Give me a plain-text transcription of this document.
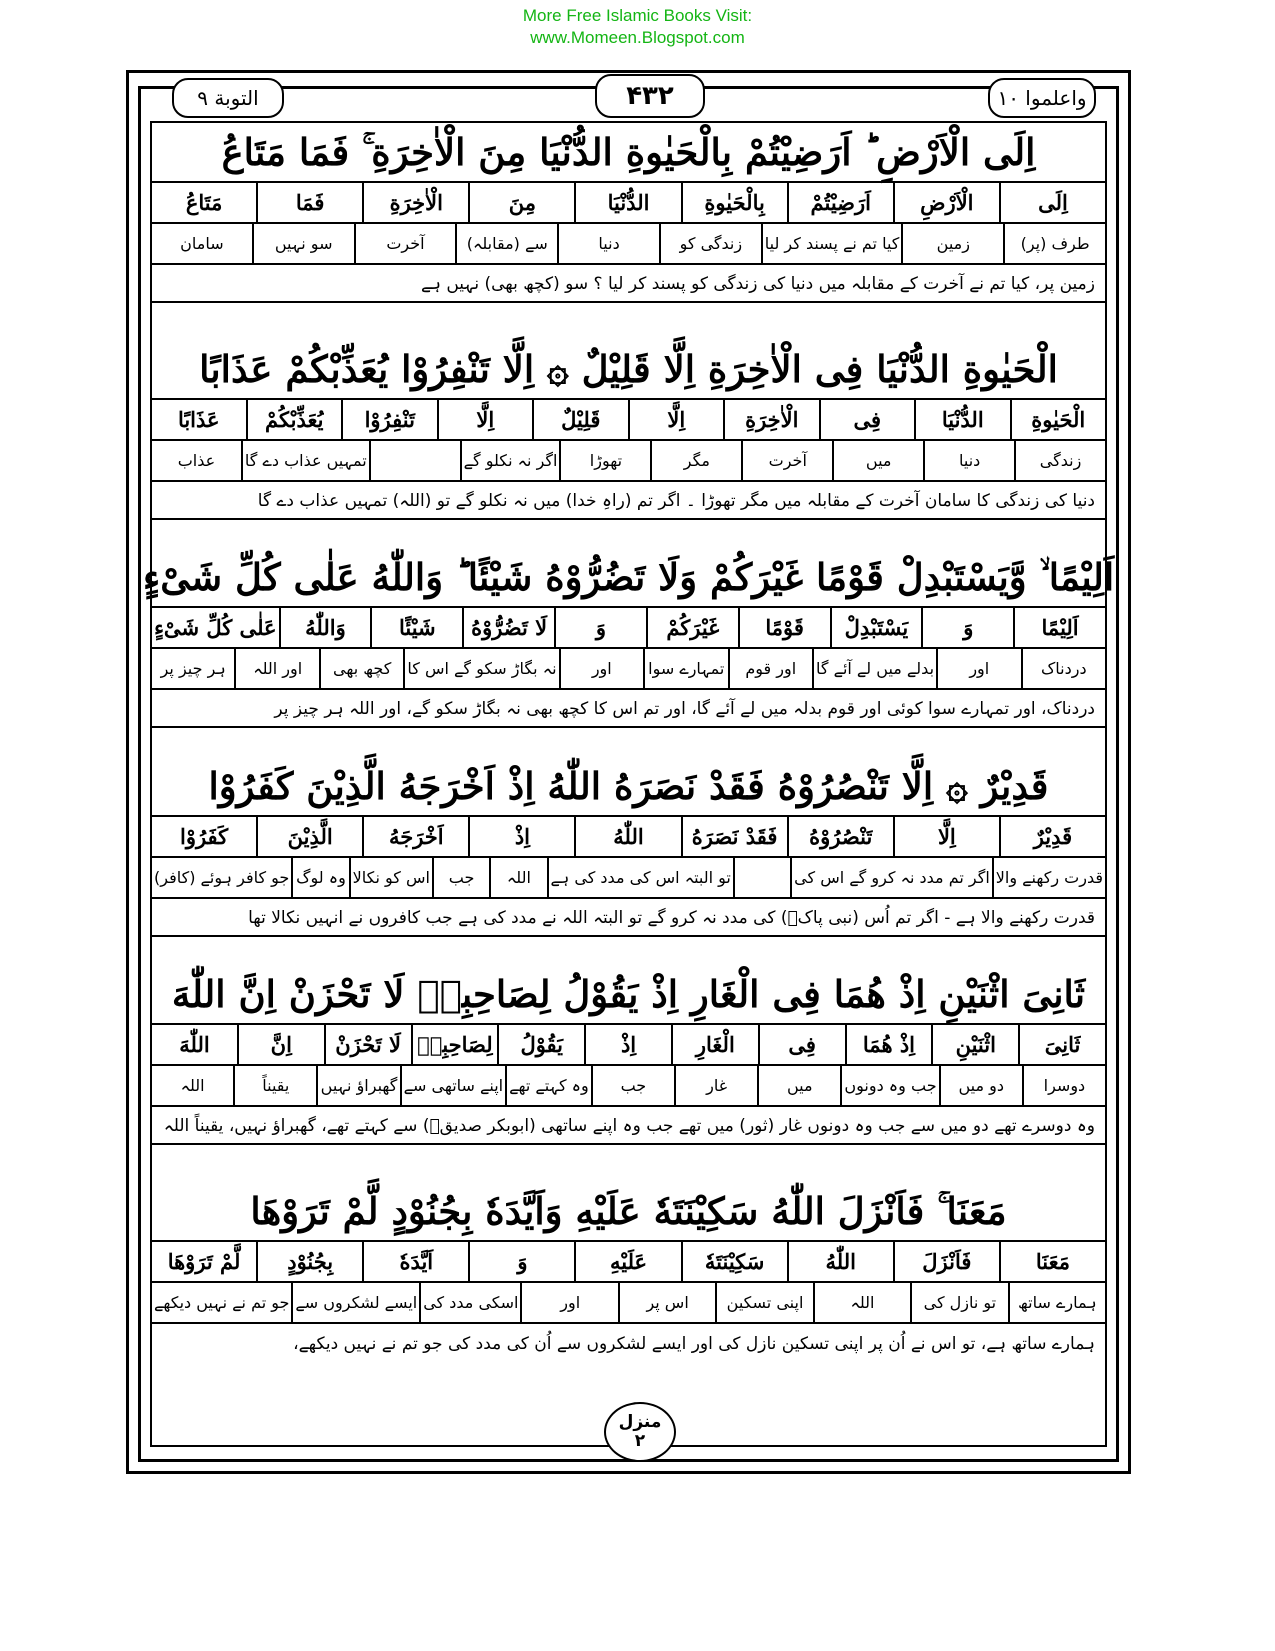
More Free Islamic Books Visit:
www.Momeen.Blogspot.com
التوبة ۹	۴۳۲	واعلموا ۱۰
اِلَى الْاَرْضِ ؕ اَرَضِيْتُمْ بِالْحَيٰوةِ الدُّنْيَا مِنَ الْاٰخِرَةِ ۚ فَمَا مَتَاعُ
اِلَى
الْاَرْضِ
اَرَضِيْتُمْ
بِالْحَيٰوةِ
الدُّنْيَا
مِنَ
الْاٰخِرَةِ
فَمَا
مَتَاعُ
طرف (پر)
زمین
کیا تم نے پسند کر لیا
زندگی کو
دنیا
سے (مقابلہ)
آخرت
سو نہیں
سامان
زمین پر، کیا تم نے آخرت کے مقابلہ میں دنیا کی زندگی کو پسند کر لیا ؟ سو (کچھ بھی) نہیں ہے
الْحَيٰوةِ الدُّنْيَا فِى الْاٰخِرَةِ اِلَّا قَلِيْلٌ ۞ اِلَّا تَنْفِرُوْا يُعَذِّبْكُمْ عَذَابًا
الْحَيٰوةِ
الدُّنْيَا
فِى
الْاٰخِرَةِ
اِلَّا
قَلِيْلٌ
اِلَّا
تَنْفِرُوْا
يُعَذِّبْكُمْ
عَذَابًا
زندگی
دنیا
میں
آخرت
مگر
تھوڑا
اگر نہ نکلو گے
تمہیں عذاب دے گا
عذاب
دنیا کی زندگی کا سامان آخرت کے مقابلہ میں مگر تھوڑا ۔ اگر تم (راہِ خدا) میں نہ نکلو گے تو (اللہ) تمہیں عذاب دے گا
اَلِيْمًا ۙ وَّيَسْتَبْدِلْ قَوْمًا غَيْرَكُمْ وَلَا تَضُرُّوْهُ شَيْئًا ؕ وَاللّٰهُ عَلٰى كُلِّ شَىْءٍ
اَلِيْمًا
وَ
يَسْتَبْدِلْ
قَوْمًا
غَيْرَكُمْ
وَ
لَا تَضُرُّوْهُ
شَيْئًا
وَاللّٰهُ
عَلٰى كُلِّ شَىْءٍ
دردناک
اور
بدلے میں لے آئے گا
اور قوم
تمہارے سوا
اور
نہ بگاڑ سکو گے اس کا
کچھ بھی
اور اللہ
ہر چیز پر
دردناک، اور تمہارے سوا کوئی اور قوم بدلہ میں لے آئے گا، اور تم اس کا کچھ بھی نہ بگاڑ سکو گے، اور اللہ ہر چیز پر
قَدِيْرٌ ۞ اِلَّا تَنْصُرُوْهُ فَقَدْ نَصَرَهُ اللّٰهُ اِذْ اَخْرَجَهُ الَّذِيْنَ كَفَرُوْا
قَدِيْرٌ
اِلَّا
تَنْصُرُوْهُ
فَقَدْ نَصَرَهُ
اللّٰهُ
اِذْ
اَخْرَجَهُ
الَّذِيْنَ
كَفَرُوْا
قدرت رکھنے والا
اگر تم مدد نہ کرو گے اس کی
تو البتہ اس کی مدد کی ہے
اللہ
جب
اس کو نکالا
وہ لوگ
جو کافر ہوئے (کافر)
قدرت رکھنے والا ہے - اگر تم اُس (نبی پاکؐ) کی مدد نہ کرو گے تو البتہ اللہ نے مدد کی ہے جب کافروں نے انہیں نکالا تھا
ثَانِىَ اثْنَيْنِ اِذْ هُمَا فِى الْغَارِ اِذْ يَقُوْلُ لِصَاحِبِهٖ لَا تَحْزَنْ اِنَّ اللّٰهَ
ثَانِىَ
اثْنَيْنِ
اِذْ هُمَا
فِى
الْغَارِ
اِذْ
يَقُوْلُ
لِصَاحِبِهٖ
لَا تَحْزَنْ
اِنَّ
اللّٰهَ
دوسرا
دو میں
جب وہ دونوں
میں
غار
جب
وہ کہتے تھے
اپنے ساتھی سے
گھبراؤ نہیں
یقیناً
اللہ
وہ دوسرے تھے دو میں سے جب وہ دونوں غار (ثور) میں تھے جب وہ اپنے ساتھی (ابوبکر صدیقؓ) سے کہتے تھے، گھبراؤ نہیں، یقیناً اللہ
مَعَنَا ۚ فَاَنْزَلَ اللّٰهُ سَكِيْنَتَهٗ عَلَيْهِ وَاَيَّدَهٗ بِجُنُوْدٍ لَّمْ تَرَوْهَا
مَعَنَا
فَاَنْزَلَ
اللّٰهُ
سَكِيْنَتَهٗ
عَلَيْهِ
وَ
اَيَّدَهٗ
بِجُنُوْدٍ
لَّمْ تَرَوْهَا
ہمارے ساتھ
تو نازل کی
اللہ
اپنی تسکین
اس پر
اور
اسکی مدد کی
ایسے لشکروں سے
جو تم نے نہیں دیکھے
ہمارے ساتھ ہے، تو اس نے اُن پر اپنی تسکین نازل کی اور ایسے لشکروں سے اُن کی مدد کی جو تم نے نہیں دیکھے،
منزل
۲
